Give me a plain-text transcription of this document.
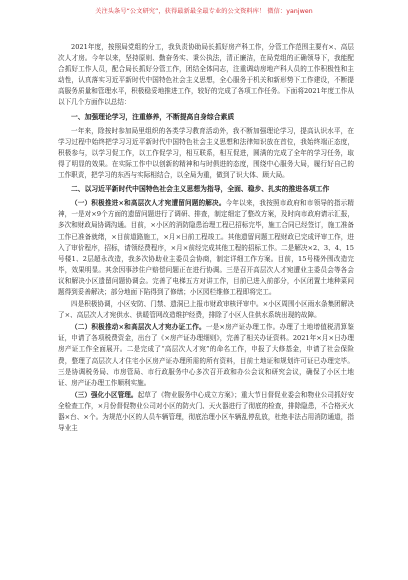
关注头条号“公文研究”，获得最新最全最专业的公文资料库！ 微信：yanjwen

2021年度，按照局党组的分工，我负责协助局长抓好房产科工作，分管工作范围主要有×、高层次人才房。今年以来，坚持原则、勤奋务实、秉公执法，清正廉洁，在局党组的正确领导下，我能配合抓好工作人员，配合局长抓好分管工作，团结全体同志，注重调动房地产科人员的工作积极性和主动性，认真落实习近平新时代中国特色社会主义思想，全心服务于机关和新形势下工作建设，不断提高服务质量和管理水平，积极稳妥地推进工作，较好的完成了各项工作任务。下面将2021年度工作从以下几个方面作以总结：

一、加强理论学习，注重修养，不断提高自身综合素质

一年来，除按时参加局里组织的各类学习教育活动外，我不断加强理论学习，提高认识水平，在学习过程中始终把学习习近平新时代中国特色社会主义思想和法律知识放在首位，我始终端正态度，积极参与，以学习促工作，以工作促学习，相互联系，相互促进，圆满的完成了全年的学习任务，取得了明显的效果。在实际工作中以创新的精神和与时俱进的态度，围绕中心服务大局，履行好自己的工作职责，把学习的东西与实际相结合，以全局为重，做到了识大体、顾大局。

二、以习近平新时代中国特色社会主义思想为指导，全面、稳步、扎实的推进各项工作

（一）积极推进×和高层次人才宛遭留问题的解决。今年以来，我按照市政府和市领导的指示精神，一是对×9个方面的遗留问题进行了调研、排查，制定细定了整改方案，及时向市政府请示汇报，多次和财政局协调沟通。目前，×小区的消防隐患治理工程已招标完毕，施工合同已经签订，施工准备工作已准备就绪，×目前道路施工，×月×日前工程竣工。其他遗留问题工程财政已完成评审工作，进入了审价程序，招标，请领经费程序，×月×前经完成其他工程的招标工作。二是解决×2、3、4、15号楼1、2层超永改造，我多次协助业主委员会协商，制定详细工作方案。目前，15号楼外围改造完毕，效果明显。其余因事涉住户赔偿问题正在进行协调。三是召开高层次人才宛遭业主委员会等各会议和解决小区遗留问题协调会。完善了电梯五方对讲工作，目前已进入前部分，小区闭置土地种菜问题得到妥善解决；部分地面下陷得到了修缮；小区园栏维修工程即将完工。

四是积极协调，小区安防、门禁、遗洞已上报市财政审核评审中。×小区周围小区雨水条集团解决了×、高层次人才宛供水、供暖管网改造维护经费，排除了小区人住供水系统出现的故障。

（二）积极推动×和高层次人才宛办证工作。一是×房产证办理工作。办理了土地增值税清算鉴证，申请了各项税费资金，出台了《×房产证办理细则》，完善了相关办证资料。2021年×月×日办理房产证工作全面展开。二是完成了“高层次人才宛”的命名工作，申报了大修基金，申请了社会保险费，整理了高层次人才住宅小区房产证办理所需的所有资料，目前土地证和规划许可证已办理完毕。三是协调税务局、市房管局、市行政服务中心多次召开政和办公会议和研究会议，确保了小区土地证、房产证办理工作顺利实施。

（三）强化小区管理。起草了《物业服务中心成立方案》；重大节日督促业委会和物业公司抓好安全检查工作，×月份督促物业公司对小区的防火门、天火器进行了彻底的检查，排除隐患，不合格灭火器×台、×个。为规范小区的人员车辆管理，彻底治理小区车辆乱停乱放，杜绝非法占用消防通道，指导业主
